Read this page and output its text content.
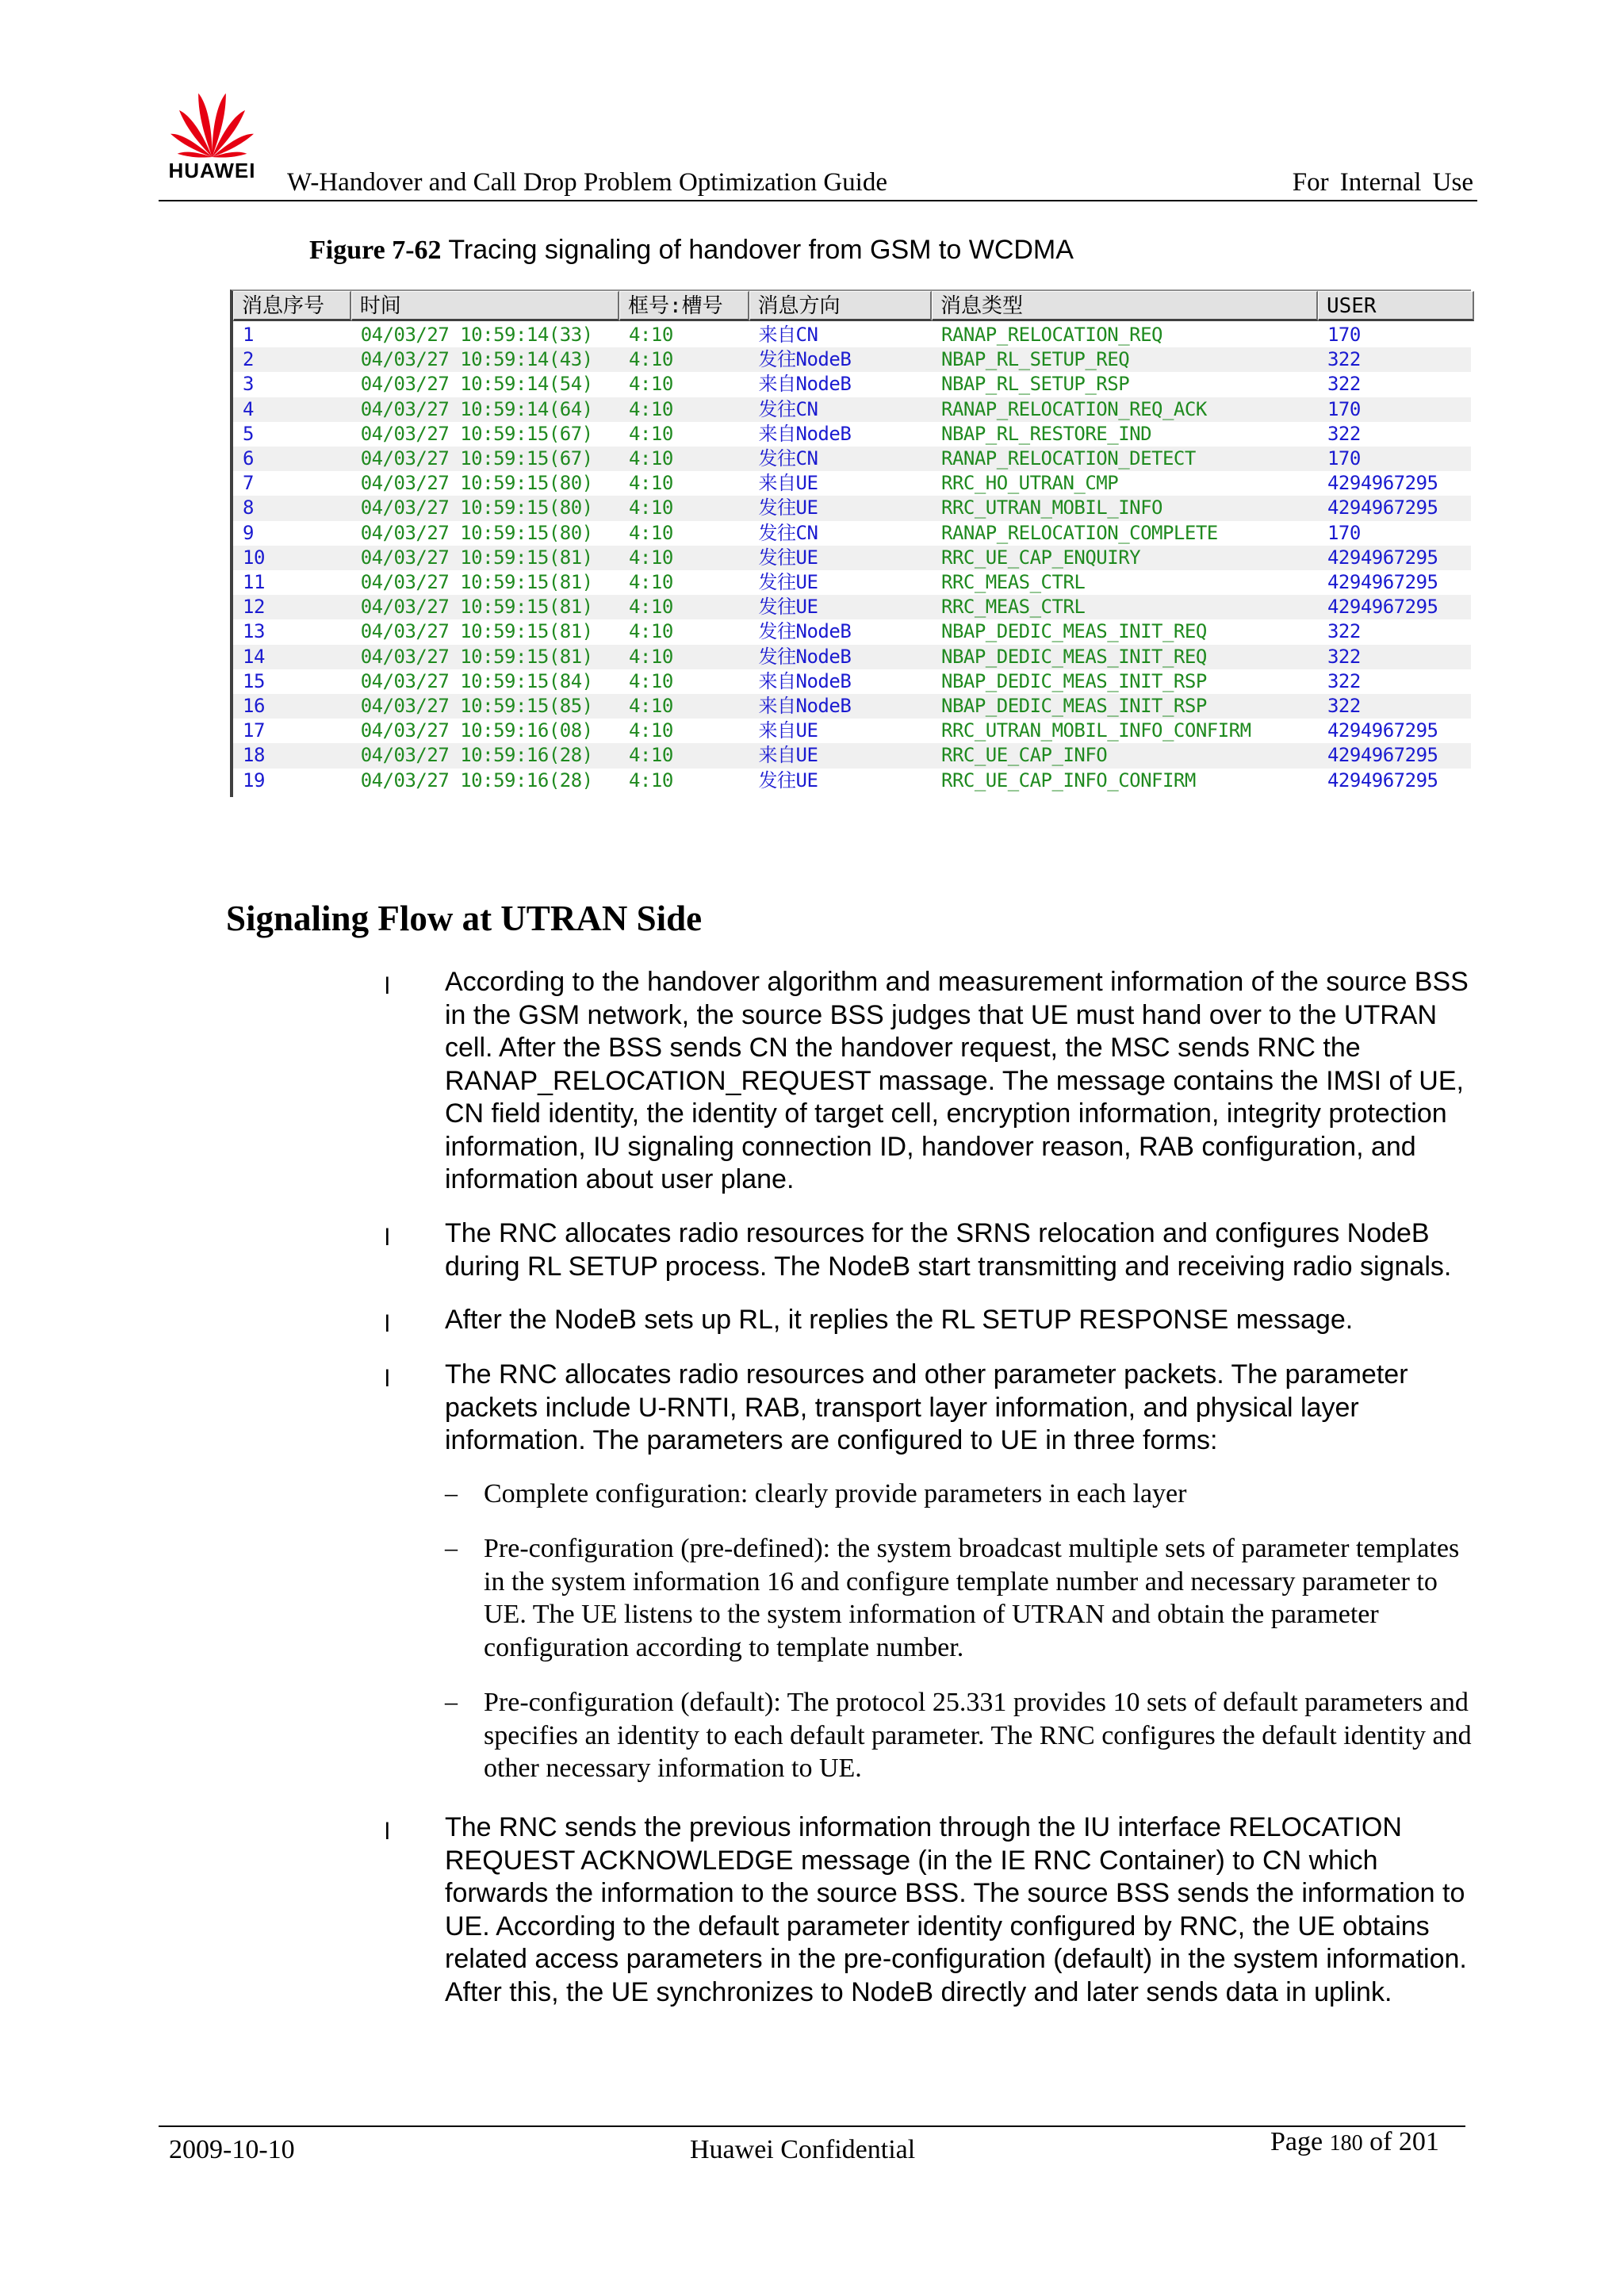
HUAWEI	W-Handover and Call Drop Problem Optimization Guide	For Internal Use
Figure 7-62 Tracing signaling of handover from GSM to WCDMA
消息序号	时间	框号:槽号	消息方向	消息类型	USER
1	04/03/27 10:59:14(33) 4:10	来自CN	RANAP_RELOCATION_REQ	170
2	04/03/27 10:59:14(43) 4:10	发往NodeB	NBAP_RL_SETUP_REQ	322
3	04/03/27 10:59:14(54) 4:10	来自NodeB	NBAP_RL_SETUP_RSP	322
4	04/03/27 10:59:14(64) 4:10	发往CN	RANAP_RELOCATION_REQ_ACK	170
5	04/03/27 10:59:15(67) 4:10	来自NodeB	NBAP_RL_RESTORE_IND	322
6	04/03/27 10:59:15(67) 4:10	发往CN	RANAP_RELOCATION_DETECT	170
7	04/03/27 10:59:15(80) 4:10	来自UE	RRC_HO_UTRAN_CMP	4294967295
8	04/03/27 10:59:15(80) 4:10	发往UE	RRC_UTRAN_MOBIL_INFO	4294967295
9	04/03/27 10:59:15(80) 4:10	发往CN	RANAP_RELOCATION_COMPLETE	170
10	04/03/27 10:59:15(81) 4:10	发往UE	RRC_UE_CAP_ENQUIRY	4294967295
11	04/03/27 10:59:15(81) 4:10	发往UE	RRC_MEAS_CTRL	4294967295
12	04/03/27 10:59:15(81) 4:10	发往UE	RRC_MEAS_CTRL	4294967295
13	04/03/27 10:59:15(81) 4:10	发往NodeB	NBAP_DEDIC_MEAS_INIT_REQ	322
14	04/03/27 10:59:15(81) 4:10	发往NodeB	NBAP_DEDIC_MEAS_INIT_REQ	322
15	04/03/27 10:59:15(84) 4:10	来自NodeB	NBAP_DEDIC_MEAS_INIT_RSP	322
16	04/03/27 10:59:15(85) 4:10	来自NodeB	NBAP_DEDIC_MEAS_INIT_RSP	322
17	04/03/27 10:59:16(08) 4:10	来自UE	RRC_UTRAN_MOBIL_INFO_CONFIRM	4294967295
18	04/03/27 10:59:16(28) 4:10	来自UE	RRC_UE_CAP_INFO	4294967295
19	04/03/27 10:59:16(28) 4:10	发往UE	RRC_UE_CAP_INFO_CONFIRM	4294967295
Signaling Flow at UTRAN Side
l According to the handover algorithm and measurement information of the source BSS in the GSM network, the source BSS judges that UE must hand over to the UTRAN cell. After the BSS sends CN the handover request, the MSC sends RNC the RANAP_RELOCATION_REQUEST massage. The message contains the IMSI of UE, CN field identity, the identity of target cell, encryption information, integrity protection information, IU signaling connection ID, handover reason, RAB configuration, and information about user plane.
l The RNC allocates radio resources for the SRNS relocation and configures NodeB during RL SETUP process. The NodeB start transmitting and receiving radio signals.
l After the NodeB sets up RL, it replies the RL SETUP RESPONSE message.
l The RNC allocates radio resources and other parameter packets. The parameter packets include U-RNTI, RAB, transport layer information, and physical layer information. The parameters are configured to UE in three forms:
– Complete configuration: clearly provide parameters in each layer
– Pre-configuration (pre-defined): the system broadcast multiple sets of parameter templates in the system information 16 and configure template number and necessary parameter to UE. The UE listens to the system information of UTRAN and obtain the parameter configuration according to template number.
– Pre-configuration (default): The protocol 25.331 provides 10 sets of default parameters and specifies an identity to each default parameter. The RNC configures the default identity and other necessary information to UE.
l The RNC sends the previous information through the IU interface RELOCATION REQUEST ACKNOWLEDGE message (in the IE RNC Container) to CN which forwards the information to the source BSS. The source BSS sends the information to UE. According to the default parameter identity configured by RNC, the UE obtains related access parameters in the pre-configuration (default) in the system information. After this, the UE synchronizes to NodeB directly and later sends data in uplink.
2009-10-10	Huawei Confidential	Page 180 of 201
